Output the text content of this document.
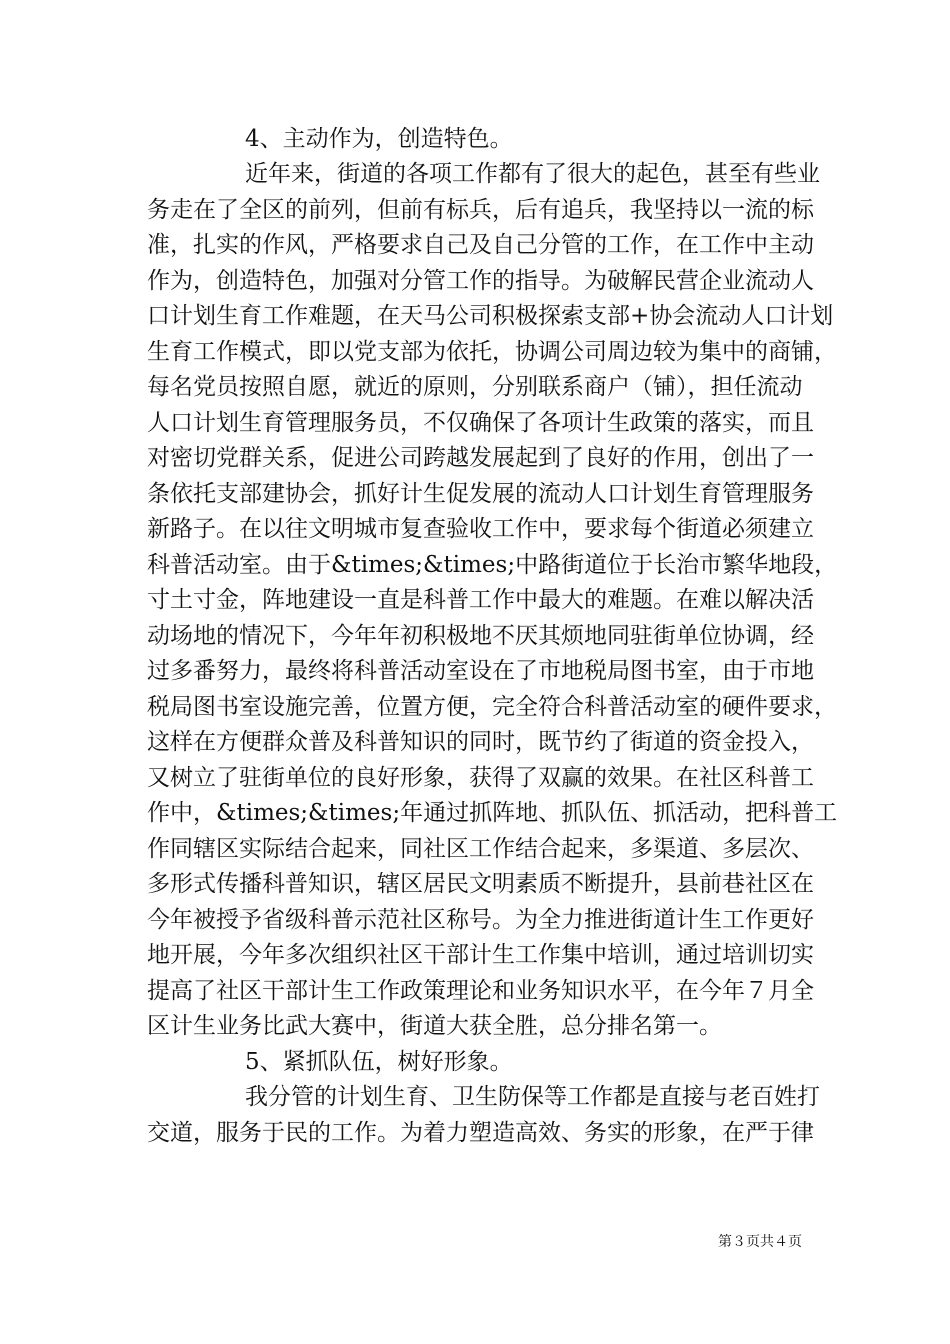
4、主动作为，创造特色。
近年来，街道的各项工作都有了很大的起色，甚至有些业
务走在了全区的前列，但前有标兵，后有追兵，我坚持以一流的标
准，扎实的作风，严格要求自己及自己分管的工作，在工作中主动
作为，创造特色，加强对分管工作的指导。为破解民营企业流动人
口计划生育工作难题，在天马公司积极探索支部+协会流动人口计划
生育工作模式，即以党支部为依托，协调公司周边较为集中的商铺，
每名党员按照自愿，就近的原则，分别联系商户（铺），担任流动
人口计划生育管理服务员，不仅确保了各项计生政策的落实，而且
对密切党群关系，促进公司跨越发展起到了良好的作用，创出了一
条依托支部建协会，抓好计生促发展的流动人口计划生育管理服务
新路子。在以往文明城市复查验收工作中，要求每个街道必须建立
科普活动室。由于&times;&times;中路街道位于长治市繁华地段，
寸土寸金，阵地建设一直是科普工作中最大的难题。在难以解决活
动场地的情况下，今年年初积极地不厌其烦地同驻街单位协调，经
过多番努力，最终将科普活动室设在了市地税局图书室，由于市地
税局图书室设施完善，位置方便，完全符合科普活动室的硬件要求，
这样在方便群众普及科普知识的同时，既节约了街道的资金投入，
又树立了驻街单位的良好形象，获得了双赢的效果。在社区科普工
作中，&times;&times;年通过抓阵地、抓队伍、抓活动，把科普工
作同辖区实际结合起来，同社区工作结合起来，多渠道、多层次、
多形式传播科普知识，辖区居民文明素质不断提升，县前巷社区在
今年被授予省级科普示范社区称号。为全力推进街道计生工作更好
地开展，今年多次组织社区干部计生工作集中培训，通过培训切实
提高了社区干部计生工作政策理论和业务知识水平，在今年７月全
区计生业务比武大赛中，街道大获全胜，总分排名第一。
5、紧抓队伍，树好形象。
我分管的计划生育、卫生防保等工作都是直接与老百姓打
交道，服务于民的工作。为着力塑造高效、务实的形象，在严于律
第３页共４页
